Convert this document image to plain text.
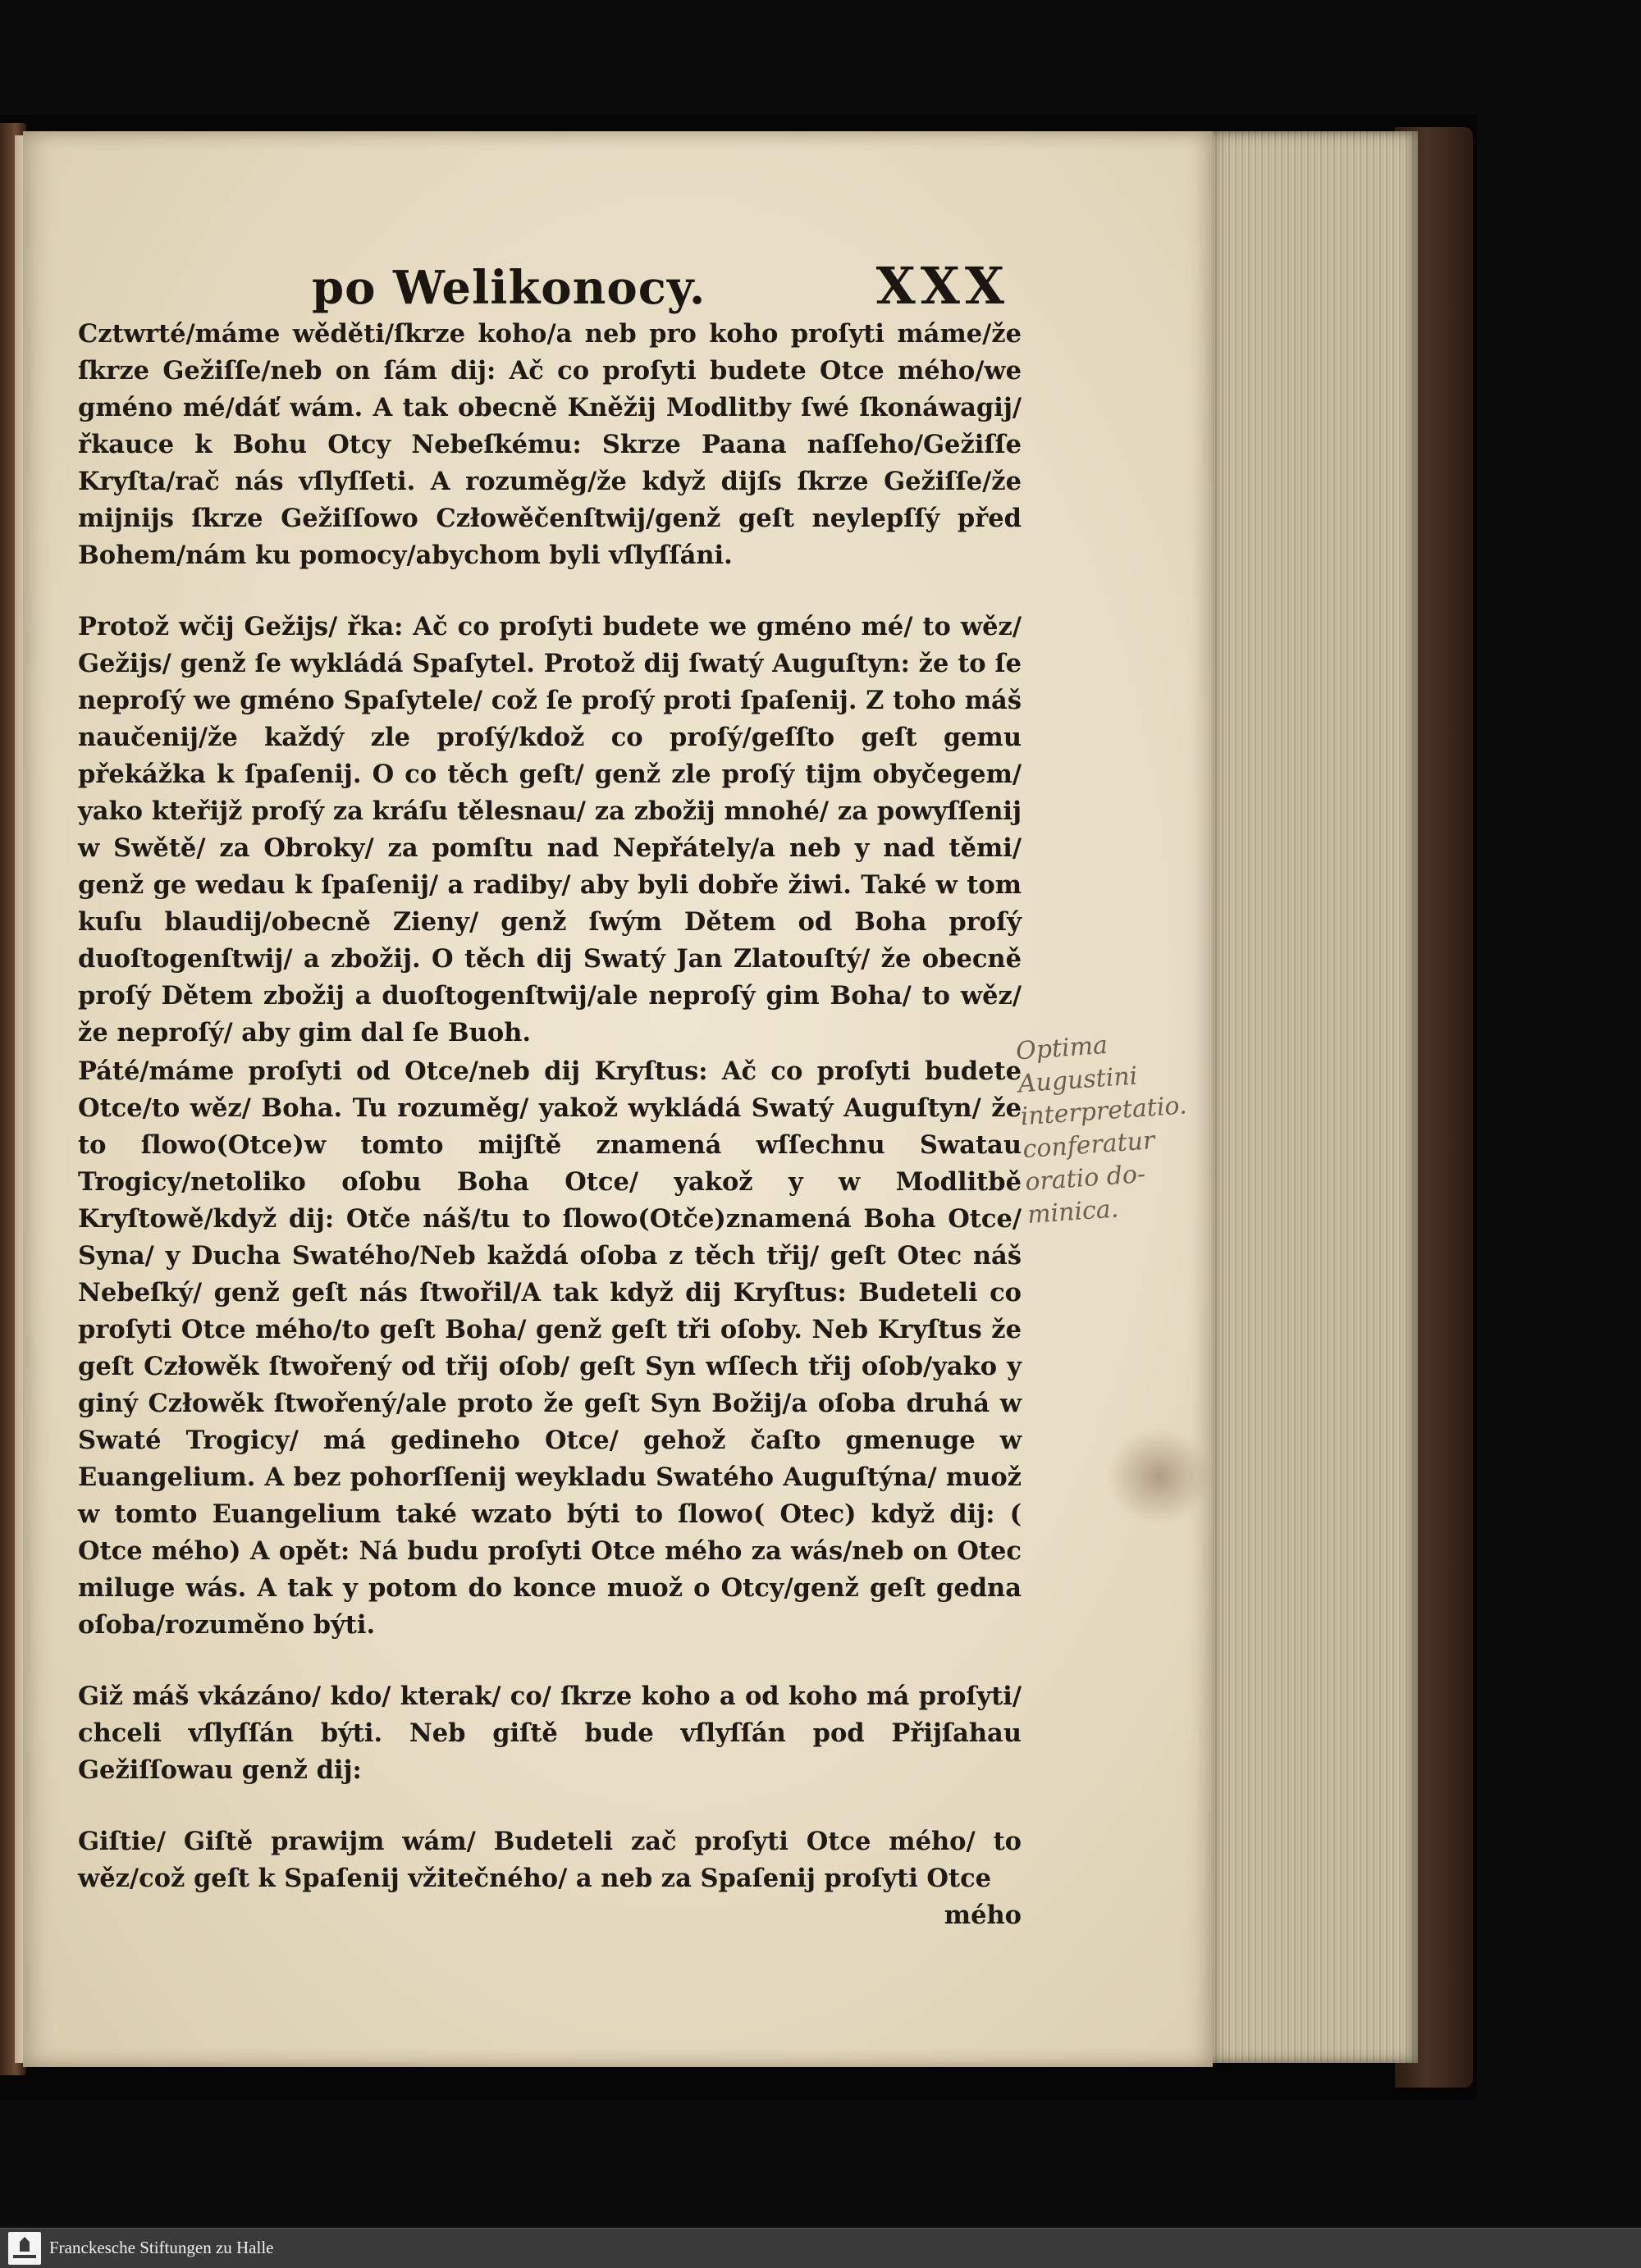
po Welikonocy.	XXX

Cztwrté/máme wěděti/ſkrze koho/a neb pro koho proſyti máme/že ſkrze Gežiſſe/neb on ſám dij: Ač co proſyti budete Otce mého/we gméno mé/dáť wám. A tak obecně Kněžij Modlitby ſwé ſkonáwagij/ řkauce k Bohu Otcy Nebeſkému: Skrze Paana naſſeho/Gežiſſe Kryſta/rač nás vſlyſſeti. A rozuměg/že když dijſs ſkrze Gežiſſe/že mijnijs ſkrze Gežiſſowo Człowěčenſtwij/genž geſt neylepſſý před Bohem/nám ku pomocy/abychom byli vſlyſſáni.

Protož wčij Gežijs/ řka: Ač co proſyti budete we gméno mé/ to wěz/ Gežijs/ genž ſe wykládá Spaſytel. Protož dij ſwatý Auguſtyn: že to ſe neproſý we gméno Spaſytele/ což ſe proſý proti ſpaſenij. Z toho máš naučenij/že každý zle proſý/kdož co proſý/geſſto geſt gemu překážka k ſpaſenij. O co těch geſt/ genž zle proſý tijm obyčegem/ yako kteřijž proſý za kráſu tělesnau/ za zbožij mnohé/ za powyſſenij w Swětě/ za Obroky/ za pomſtu nad Nepřátely/a neb y nad těmi/ genž ge wedau k ſpaſenij/ a radiby/ aby byli dobře žiwi. Také w tom kuſu blaudij/obecně Zieny/ genž ſwým Dětem od Boha proſý duoſtogenſtwij/ a zbožij. O těch dij Swatý Jan Zlatouſtý/ že obecně proſý Dětem zbožij a duoſtogenſtwij/ale neproſý gim Boha/ to wěz/ že neproſý/ aby gim dal ſe Buoh.

Páté/máme proſyti od Otce/neb dij Kryſtus: Ač co proſyti budete Otce/to wěz/ Boha. Tu rozuměg/ yakož wykládá Swatý Auguſtyn/ že to ſlowo(Otce)w tomto mijſtě znamená wſſechnu Swatau Trogicy/netoliko oſobu Boha Otce/ yakož y w Modlitbě Kryſtowě/když dij: Otče náš/tu to ſlowo(Otče)znamená Boha Otce/ Syna/ y Ducha Swatého/Neb každá oſoba z těch třij/ geſt Otec náš Nebeſký/ genž geſt nás ſtwořil/A tak když dij Kryſtus: Budeteli co proſyti Otce mého/to geſt Boha/ genž geſt tři oſoby. Neb Kryſtus že geſt Człowěk ſtwořený od třij oſob/ geſt Syn wſſech třij oſob/yako y giný Człowěk ſtwořený/ale proto že geſt Syn Božij/a oſoba druhá w Swaté Trogicy/ má gedineho Otce/ gehož čaſto gmenuge w Euangelium. A bez pohorſſenij weykladu Swatého Auguſtýna/ muož w tomto Euangelium také wzato býti to ſlowo( Otec) když dij: ( Otce mého) A opět: Ná budu proſyti Otce mého za wás/neb on Otec miluge wás. A tak y potom do konce muož o Otcy/genž geſt gedna oſoba/rozuměno býti.

Giž máš vkázáno/ kdo/ kterak/ co/ ſkrze koho a od koho má proſyti/ chceli vſlyſſán býti. Neb giſtě bude vſlyſſán pod Přijſahau Gežiſſowau genž dij:

Giſtie/ Giſtě prawijm wám/ Budeteli zač proſyti Otce mého/ to wěz/což geſt k Spaſenij vžitečného/ a neb za Spaſenij proſyti Otce

mého

Optima Augustini interpretatio. conferatur oratio do-minica.
Franckesche Stiftungen zu Halle
